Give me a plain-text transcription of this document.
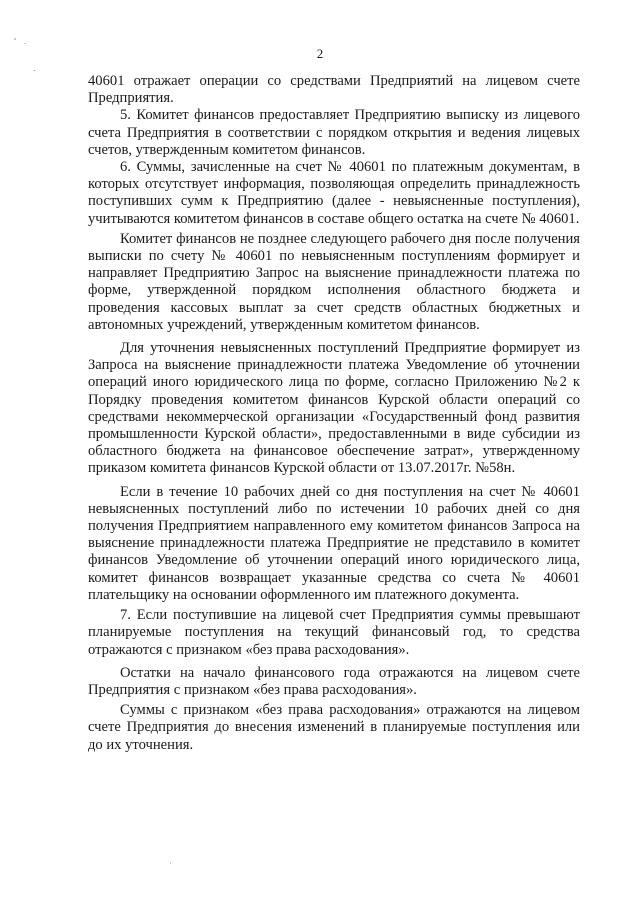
2

40601 отражает операции со средствами Предприятий на лицевом счете Предприятия.

5. Комитет финансов предоставляет Предприятию выписку из лицевого счета Предприятия в соответствии с порядком открытия и ведения лицевых счетов, утвержденным комитетом финансов.

6. Суммы, зачисленные на счет № 40601 по платежным документам, в которых отсутствует информация, позволяющая определить принадлежность поступивших сумм к Предприятию (далее - невыясненные поступления), учитываются комитетом финансов в составе общего остатка на счете № 40601.

Комитет финансов не позднее следующего рабочего дня после получения выписки по счету № 40601 по невыясненным поступлениям формирует и направляет Предприятию Запрос на выяснение принадлежности платежа по форме, утвержденной порядком исполнения областного бюджета и проведения кассовых выплат за счет средств областных бюджетных и автономных учреждений, утвержденным комитетом финансов.

Для уточнения невыясненных поступлений Предприятие формирует из Запроса на выяснение принадлежности платежа Уведомление об уточнении операций иного юридического лица по форме, согласно Приложению №2 к Порядку проведения комитетом финансов Курской области операций со средствами некоммерческой организации «Государственный фонд развития промышленности Курской области», предоставленными в виде субсидии из областного бюджета на финансовое обеспечение затрат», утвержденному приказом комитета финансов Курской области от 13.07.2017г. №58н.

Если в течение 10 рабочих дней со дня поступления на счет № 40601 невыясненных поступлений либо по истечении 10 рабочих дней со дня получения Предприятием направленного ему комитетом финансов Запроса на выяснение принадлежности платежа Предприятие не представило в комитет финансов Уведомление об уточнении операций иного юридического лица, комитет финансов возвращает указанные средства со счета № 40601 плательщику на основании оформленного им платежного документа.

7. Если поступившие на лицевой счет Предприятия суммы превышают планируемые поступления на текущий финансовый год, то средства отражаются с признаком «без права расходования».

Остатки на начало финансового года отражаются на лицевом счете Предприятия с признаком «без права расходования».

Суммы с признаком «без права расходования» отражаются на лицевом счете Предприятия до внесения изменений в планируемые поступления или до их уточнения.
